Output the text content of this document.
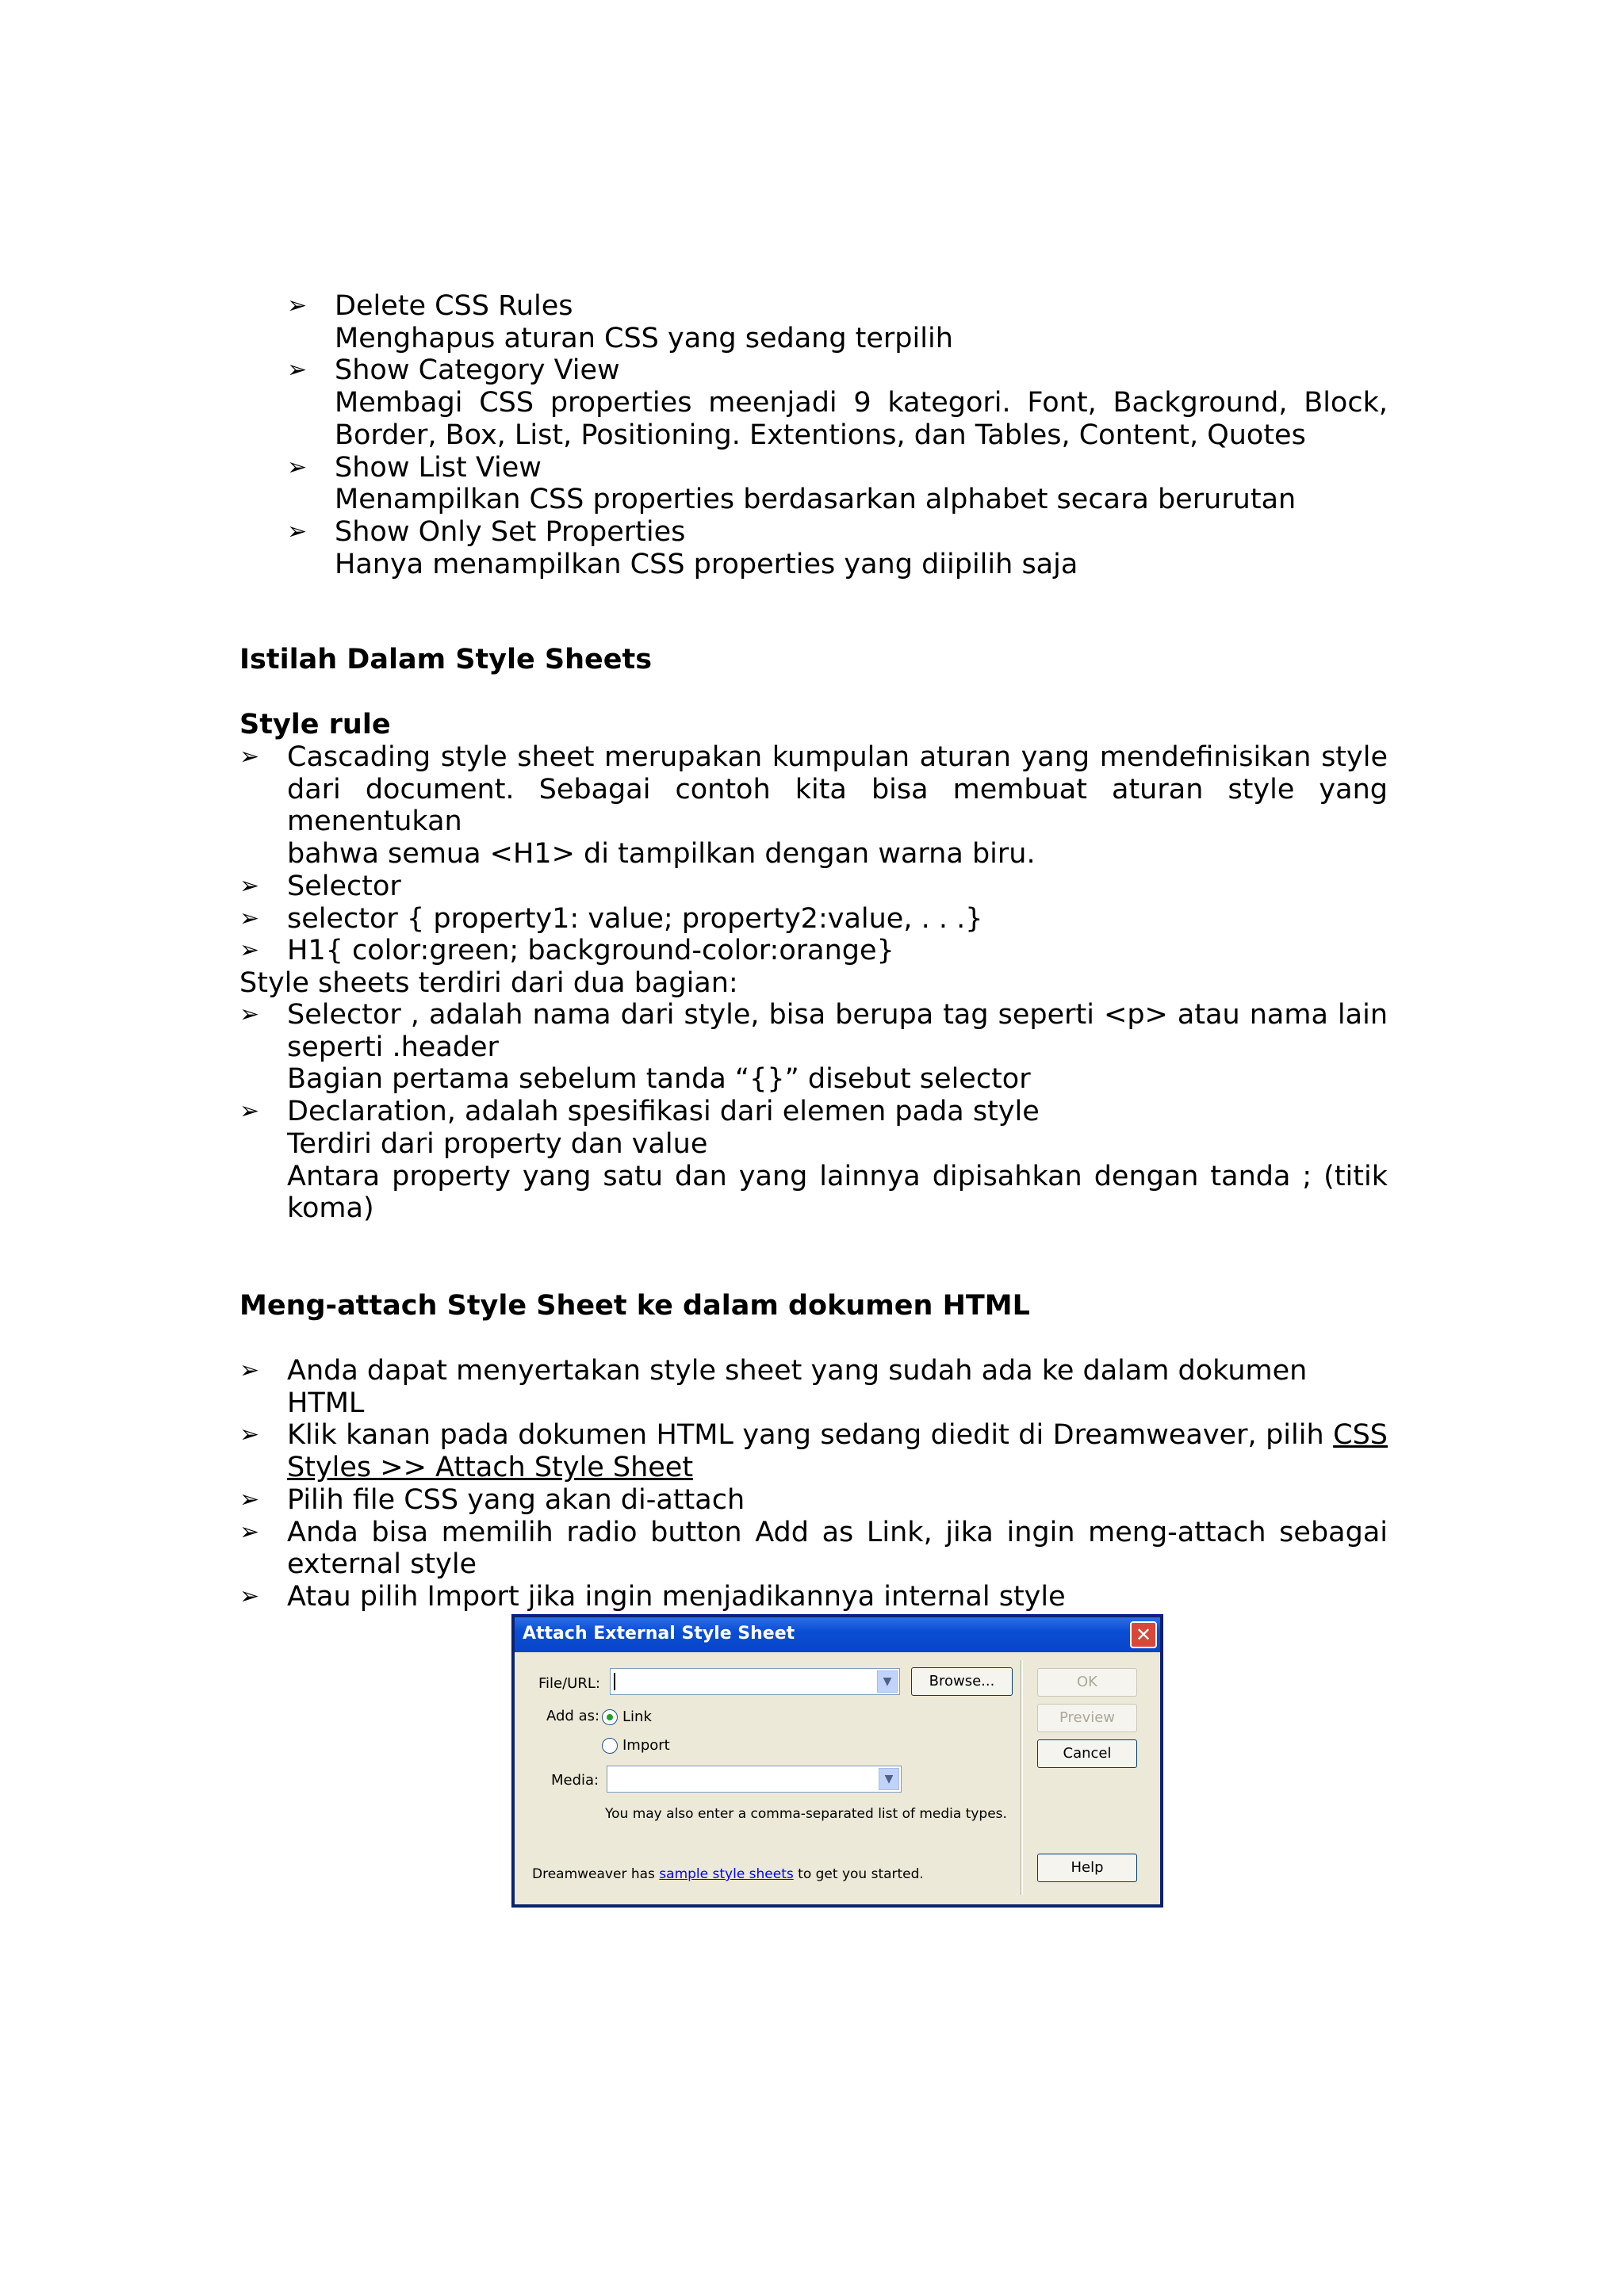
➢ Delete CSS Rules
Menghapus aturan CSS yang sedang terpilih
➢ Show Category View
Membagi CSS properties meenjadi 9 kategori. Font, Background, Block,
Border, Box, List, Positioning. Extentions, dan Tables, Content, Quotes
➢ Show List View
Menampilkan CSS properties berdasarkan alphabet secara berurutan
➢ Show Only Set Properties
Hanya menampilkan CSS properties yang diipilih saja
Istilah Dalam Style Sheets
Style rule
➢ Cascading style sheet merupakan kumpulan aturan yang mendefinisikan style
dari document. Sebagai contoh kita bisa membuat aturan style yang menentukan
bahwa semua <H1> di tampilkan dengan warna biru.
➢ Selector
➢ selector { property1: value; property2:value, . . .}
➢ H1{ color:green; background-color:orange}

Style sheets terdiri dari dua bagian:

➢ Selector , adalah nama dari style, bisa berupa tag seperti <p> atau nama lain
seperti .header
Bagian pertama sebelum tanda “{}” disebut selector
➢ Declaration, adalah spesifikasi dari elemen pada style
Terdiri dari property dan value
Antara property yang satu dan yang lainnya dipisahkan dengan tanda ; (titik
koma)
Meng-attach Style Sheet ke dalam dokumen HTML
➢ Anda dapat menyertakan style sheet yang sudah ada ke dalam dokumen HTML
➢ Klik kanan pada dokumen HTML yang sedang diedit di Dreamweaver, pilih CSS
Styles >> Attach Style Sheet
➢ Pilih file CSS yang akan di-attach
➢ Anda bisa memilih radio button Add as Link, jika ingin meng-attach sebagai
external style
➢ Atau pilih Import jika ingin menjadikannya internal style
Attach External Style Sheet	✕
File/URL:	▼	Browse...
Add as: Link
Import
Media:	▼
You may also enter a comma-separated list of media types.
OK
Preview
Cancel
Help
Dreamweaver has sample style sheets to get you started.
